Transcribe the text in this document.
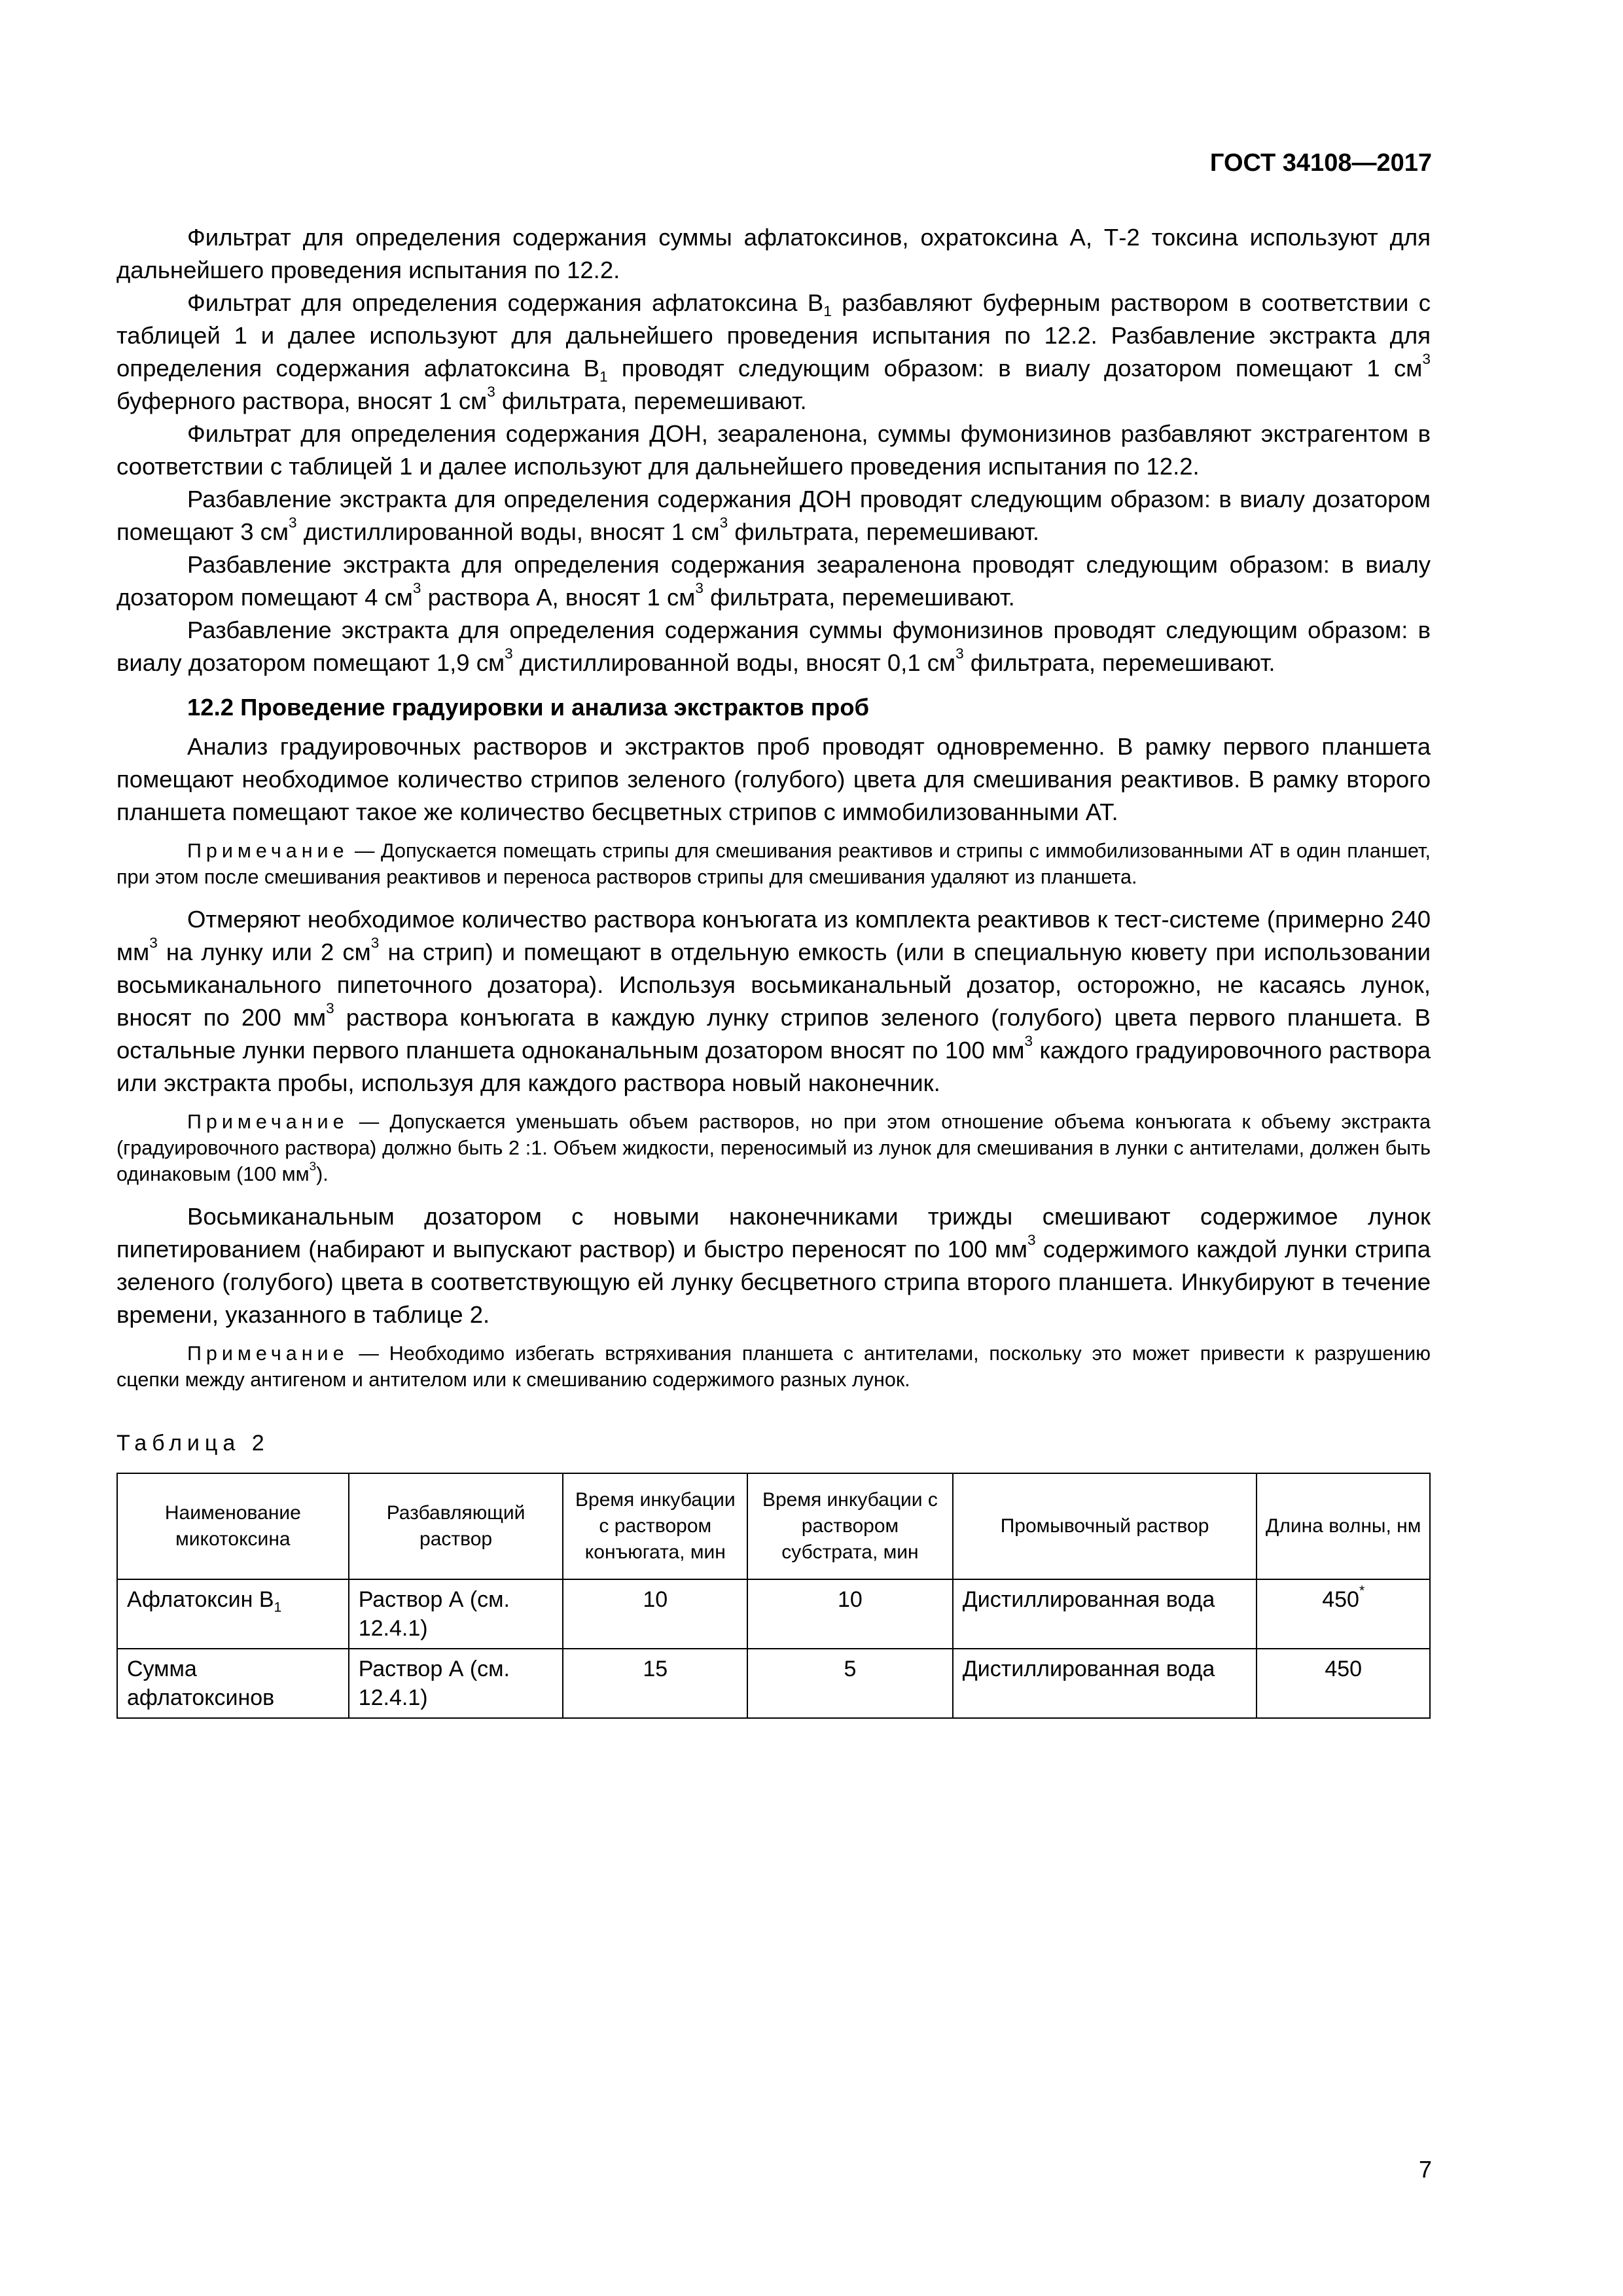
ГОСТ 34108—2017

Фильтрат для определения содержания суммы афлатоксинов, охратоксина А, Т-2 токсина используют для дальнейшего проведения испытания по 12.2.

Фильтрат для определения содержания афлатоксина $В_1$ разбавляют буферным раствором в соответствии с таблицей 1 и далее используют для дальнейшего проведения испытания по 12.2. Разбавление экстракта для определения содержания афлатоксина $В_1$ проводят следующим образом: в виалу дозатором помещают 1 $см^3$ буферного раствора, вносят 1 $см^3$ фильтрата, перемешивают.

Фильтрат для определения содержания ДОН, зеараленона, суммы фумонизинов разбавляют экстрагентом в соответствии с таблицей 1 и далее используют для дальнейшего проведения испытания по 12.2.

Разбавление экстракта для определения содержания ДОН проводят следующим образом: в виалу дозатором помещают 3 $см^3$ дистиллированной воды, вносят 1 $см^3$ фильтрата, перемешивают.

Разбавление экстракта для определения содержания зеараленона проводят следующим образом: в виалу дозатором помещают 4 $см^3$ раствора А, вносят 1 $см^3$ фильтрата, перемешивают.

Разбавление экстракта для определения содержания суммы фумонизинов проводят следующим образом: в виалу дозатором помещают 1,9 $см^3$ дистиллированной воды, вносят 0,1 $см^3$ фильтрата, перемешивают.

12.2 Проведение градуировки и анализа экстрактов проб

Анализ градуировочных растворов и экстрактов проб проводят одновременно. В рамку первого планшета помещают необходимое количество стрипов зеленого (голубого) цвета для смешивания реактивов. В рамку второго планшета помещают такое же количество бесцветных стрипов с иммобилизованными АТ.

Примечание — Допускается помещать стрипы для смешивания реактивов и стрипы с иммобилизованными АТ в один планшет, при этом после смешивания реактивов и переноса растворов стрипы для смешивания удаляют из планшета.

Отмеряют необходимое количество раствора конъюгата из комплекта реактивов к тест-системе (примерно 240 $мм^3$ на лунку или 2 $см^3$ на стрип) и помещают в отдельную емкость (или в специальную кювету при использовании восьмиканального пипеточного дозатора). Используя восьмиканальный дозатор, осторожно, не касаясь лунок, вносят по 200 $мм^3$ раствора конъюгата в каждую лунку стрипов зеленого (голубого) цвета первого планшета. В остальные лунки первого планшета одноканальным дозатором вносят по 100 $мм^3$ каждого градуировочного раствора или экстракта пробы, используя для каждого раствора новый наконечник.

Примечание — Допускается уменьшать объем растворов, но при этом отношение объема конъюгата к объему экстракта (градуировочного раствора) должно быть 2 :1. Объем жидкости, переносимый из лунок для смешивания в лунки с антителами, должен быть одинаковым (100 $мм^3$).

Восьмиканальным дозатором с новыми наконечниками трижды смешивают содержимое лунок пипетированием (набирают и выпускают раствор) и быстро переносят по 100 $мм^3$ содержимого каждой лунки стрипа зеленого (голубого) цвета в соответствующую ей лунку бесцветного стрипа второго планшета. Инкубируют в течение времени, указанного в таблице 2.

Примечание — Необходимо избегать встряхивания планшета с антителами, поскольку это может привести к разрушению сцепки между антигеном и антителом или к смешиванию содержимого разных лунок.

Таблица 2

Наименование микотоксина	Разбавляющий раствор	Время инкубации с раствором конъюгата, мин	Время инкубации с раствором субстрата, мин	Промывочный раствор	Длина волны, нм
Афлатоксин $В_1$	Раствор А (см. 12.4.1)	10	10	Дистиллированная вода	450*
Сумма афлатоксинов	Раствор А (см. 12.4.1)	15	5	Дистиллированная вода	450
7
